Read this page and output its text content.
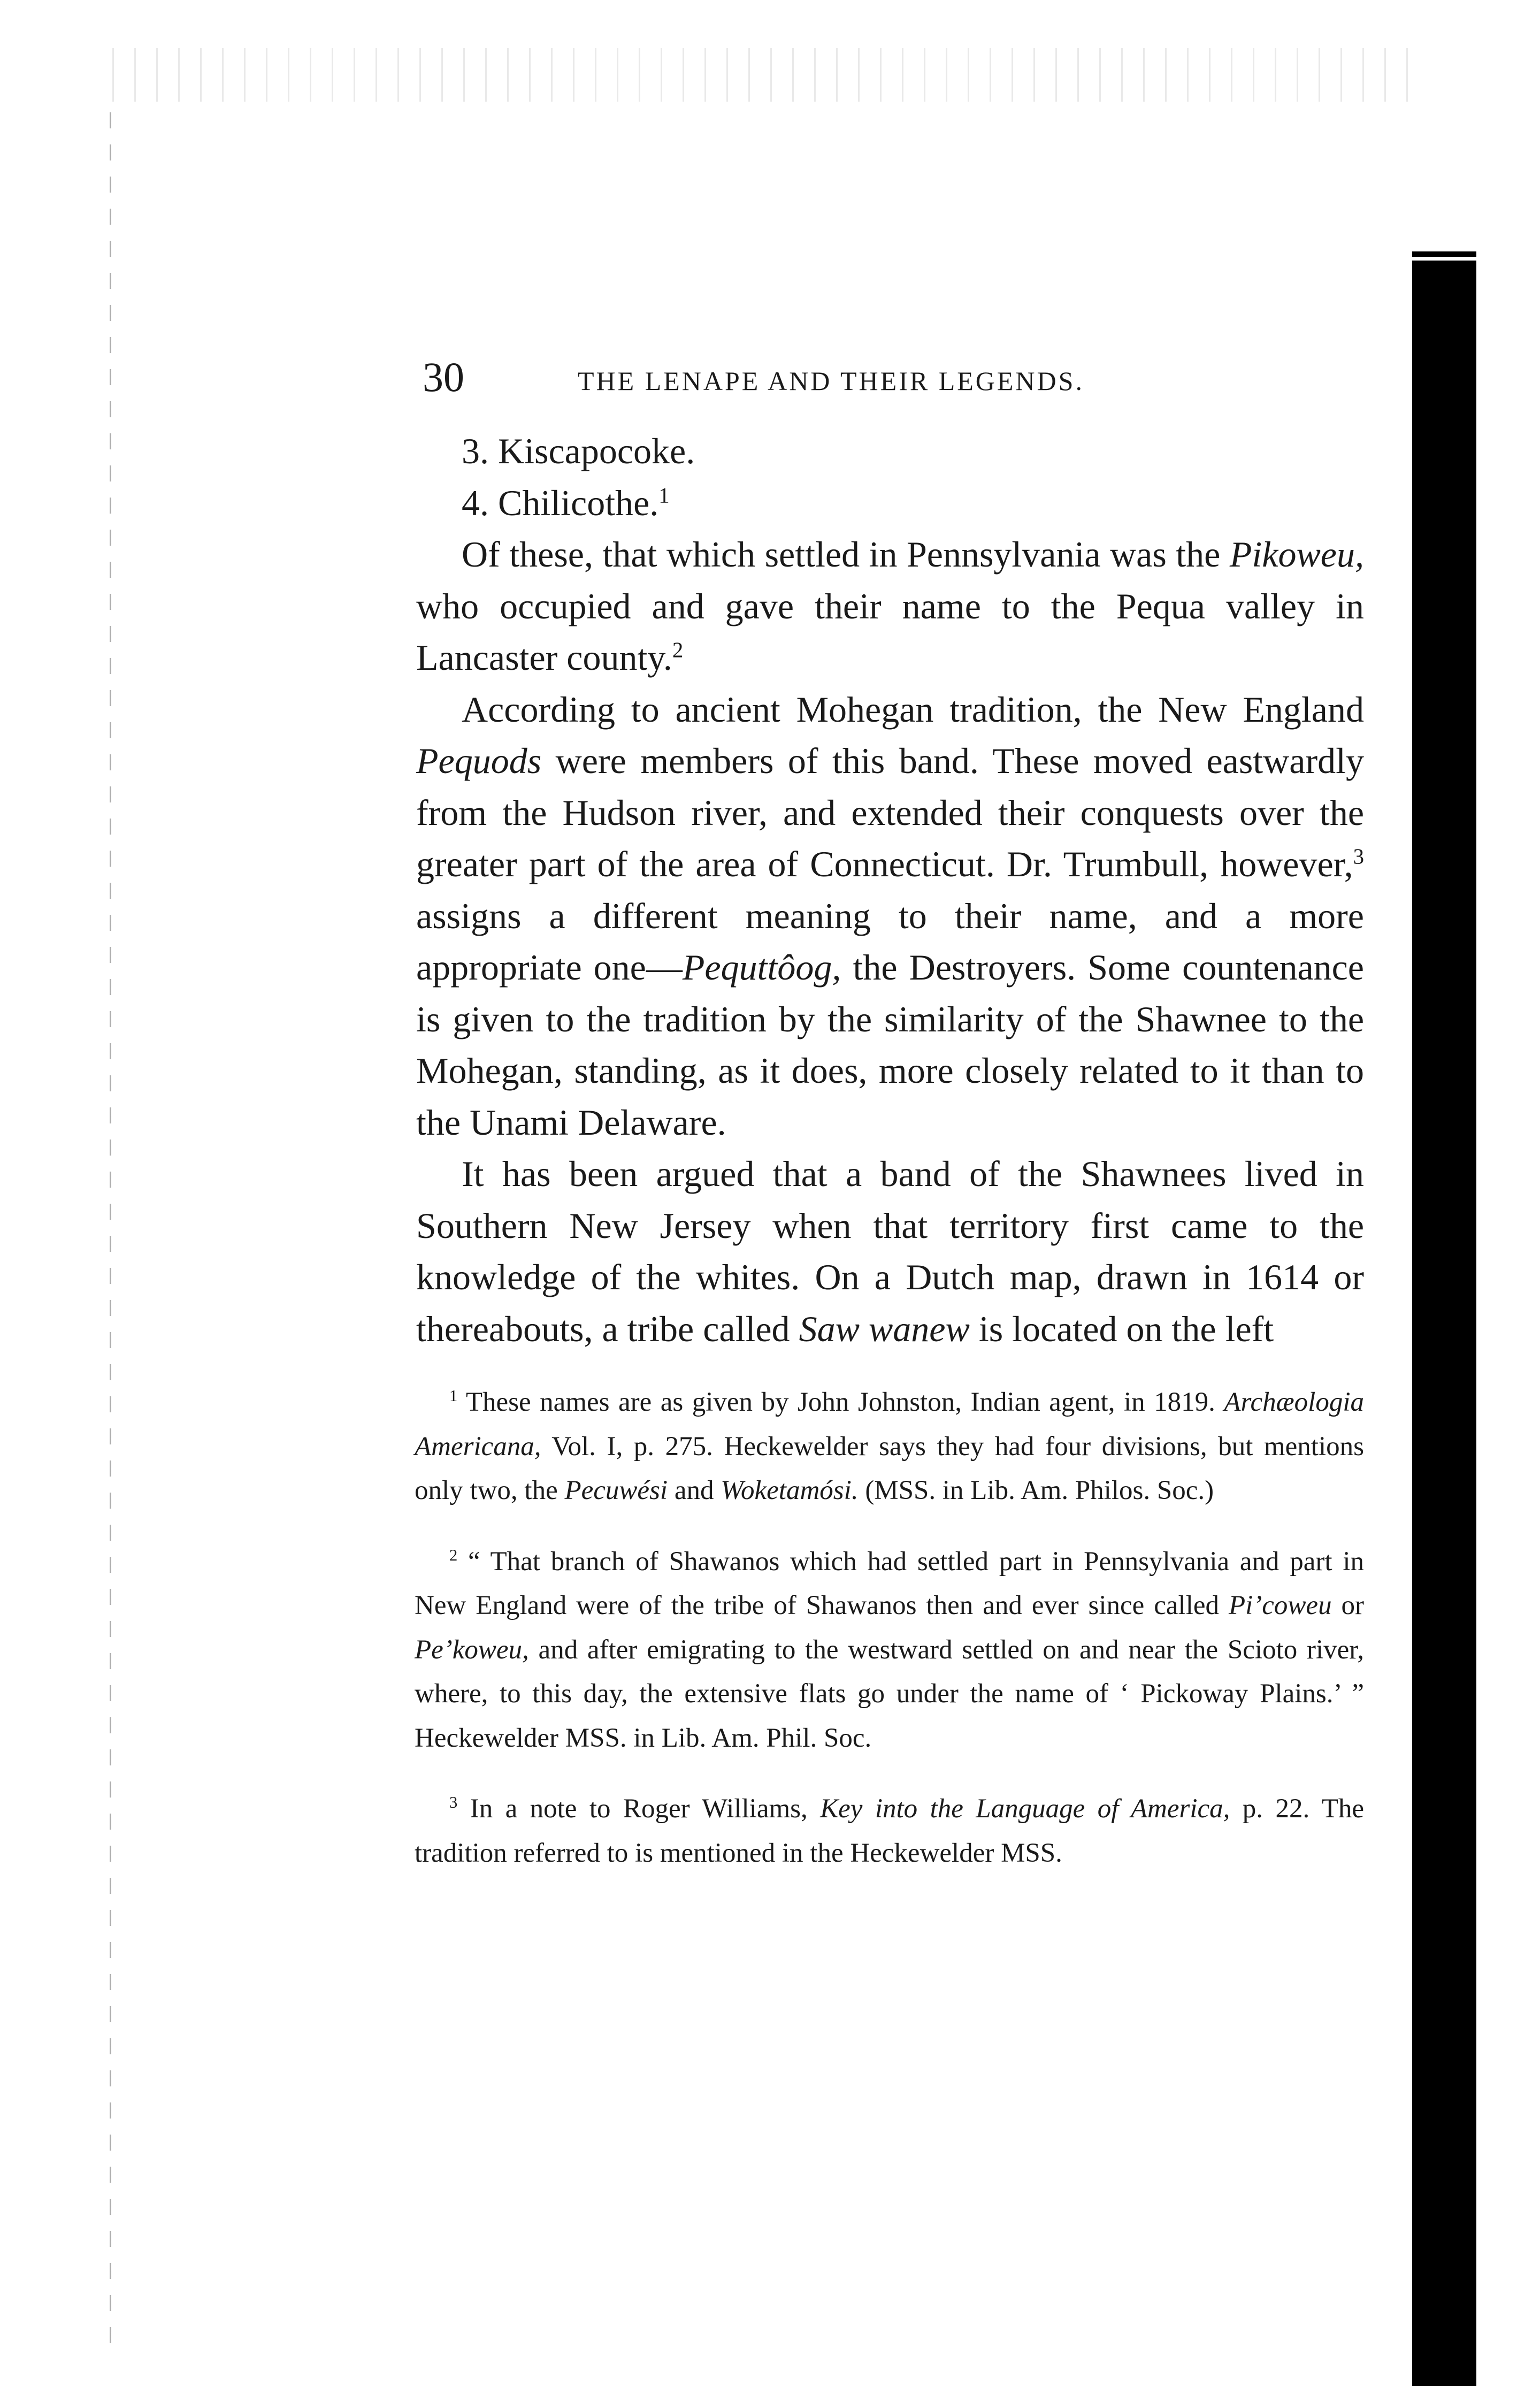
30	THE LENAPE AND THEIR LEGENDS.

3. Kiscapocoke.

4. Chilicothe.$^1$

Of these, that which settled in Pennsylvania was the Pikoweu, who occupied and gave their name to the Pequa valley in Lancaster county.$^2$

According to ancient Mohegan tradition, the New England Pequods were members of this band. These moved eastwardly from the Hudson river, and extended their conquests over the greater part of the area of Connecticut. Dr. Trumbull, however,$^3$ assigns a different meaning to their name, and a more appropriate one—Pequttôog, the Destroyers. Some countenance is given to the tradition by the similarity of the Shawnee to the Mohegan, standing, as it does, more closely related to it than to the Unami Delaware.

It has been argued that a band of the Shawnees lived in Southern New Jersey when that territory first came to the knowledge of the whites. On a Dutch map, drawn in 1614 or thereabouts, a tribe called Saw wanew is located on the left

$^1$ These names are as given by John Johnston, Indian agent, in 1819. Archæologia Americana, Vol. I, p. 275. Heckewelder says they had four divisions, but mentions only two, the Pecuwési and Woketamósi. (MSS. in Lib. Am. Philos. Soc.)

$^2$ “ That branch of Shawanos which had settled part in Pennsylvania and part in New England were of the tribe of Shawanos then and ever since called Pi’coweu or Pe’koweu, and after emigrating to the westward settled on and near the Scioto river, where, to this day, the extensive flats go under the name of ‘ Pickoway Plains.’ ” Heckewelder MSS. in Lib. Am. Phil. Soc.

$^3$ In a note to Roger Williams, Key into the Language of America, p. 22. The tradition referred to is mentioned in the Heckewelder MSS.
